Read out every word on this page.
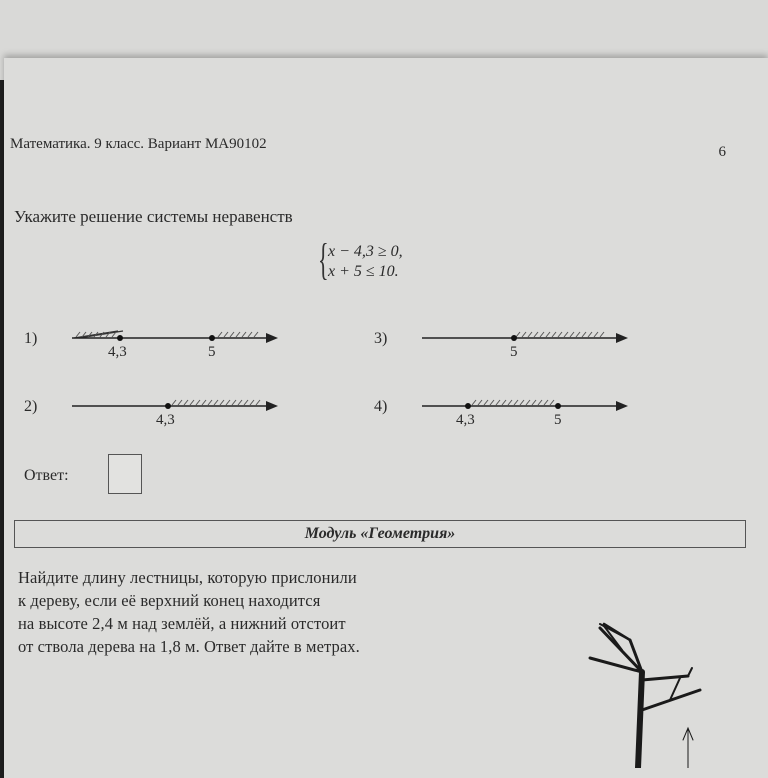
Математика. 9 класс. Вариант МА90102	6
Укажите решение системы неравенств
{ x − 4,3 ≥ 0,
x + 5 ≤ 10.
1)
4,3	5
3)
5
2)
4,3
4)
4,3	5
Ответ:
Модуль «Геометрия»
Найдите длину лестницы, которую прислонили
к дереву, если её верхний конец находится
на высоте 2,4 м над землёй, а нижний отстоит
от ствола дерева на 1,8 м. Ответ дайте в метрах.
